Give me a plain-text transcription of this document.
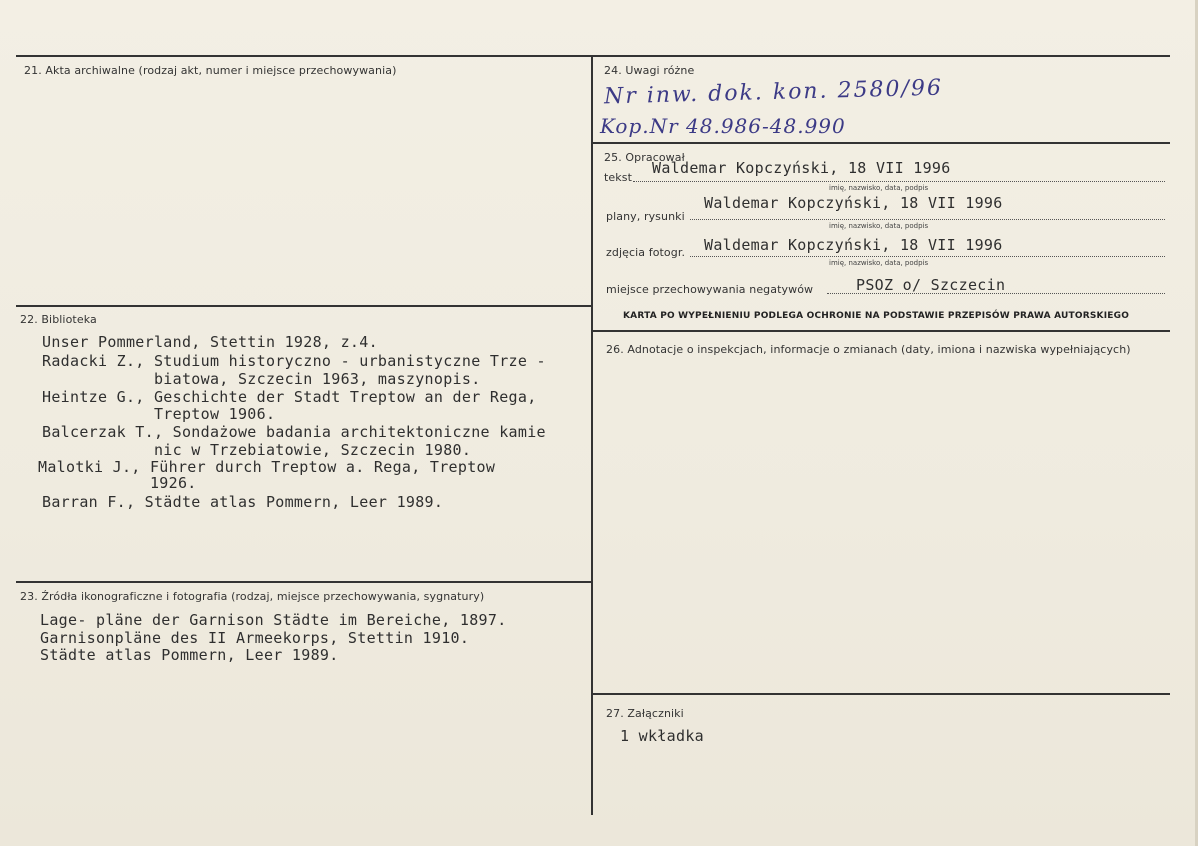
21. Akta archiwalne (rodzaj akt, numer i miejsce przechowywania)
22. Biblioteka
Unser Pommerland, Stettin 1928, z.4.
Radacki Z., Studium historyczno - urbanistyczne Trze -
biatowa, Szczecin 1963, maszynopis.
Heintze G., Geschichte der Stadt Treptow an der Rega,
Treptow 1906.
Balcerzak T., Sondażowe badania architektoniczne kamie
nic w Trzebiatowie, Szczecin 1980.
Malotki J., Führer durch Treptow a. Rega, Treptow
1926.
Barran F., Städte atlas Pommern, Leer 1989.
23. Źródła ikonograficzne i fotografia (rodzaj, miejsce przechowywania, sygnatury)
Lage- pläne der Garnison Städte im Bereiche, 1897.
Garnisonpläne des II Armeekorps, Stettin 1910.
Städte atlas Pommern, Leer 1989.
24. Uwagi różne
Nr inw. dok. kon. 2580/96
Kop.Nr 48.986-48.990
25. Opracował
tekst
Waldemar Kopczyński, 18 VII 1996
imię, nazwisko, data, podpis
plany, rysunki
Waldemar Kopczyński, 18 VII 1996
imię, nazwisko, data, podpis
zdjęcia fotogr. Waldemar Kopczyński, 18 VII 1996
imię, nazwisko, data, podpis
miejsce przechowywania negatywów	PSOZ o/ Szczecin
KARTA PO WYPEŁNIENIU PODLEGA OCHRONIE NA PODSTAWIE PRZEPISÓW PRAWA AUTORSKIEGO
26. Adnotacje o inspekcjach, informacje o zmianach (daty, imiona i nazwiska wypełniających)
27. Załączniki
1 wkładka
